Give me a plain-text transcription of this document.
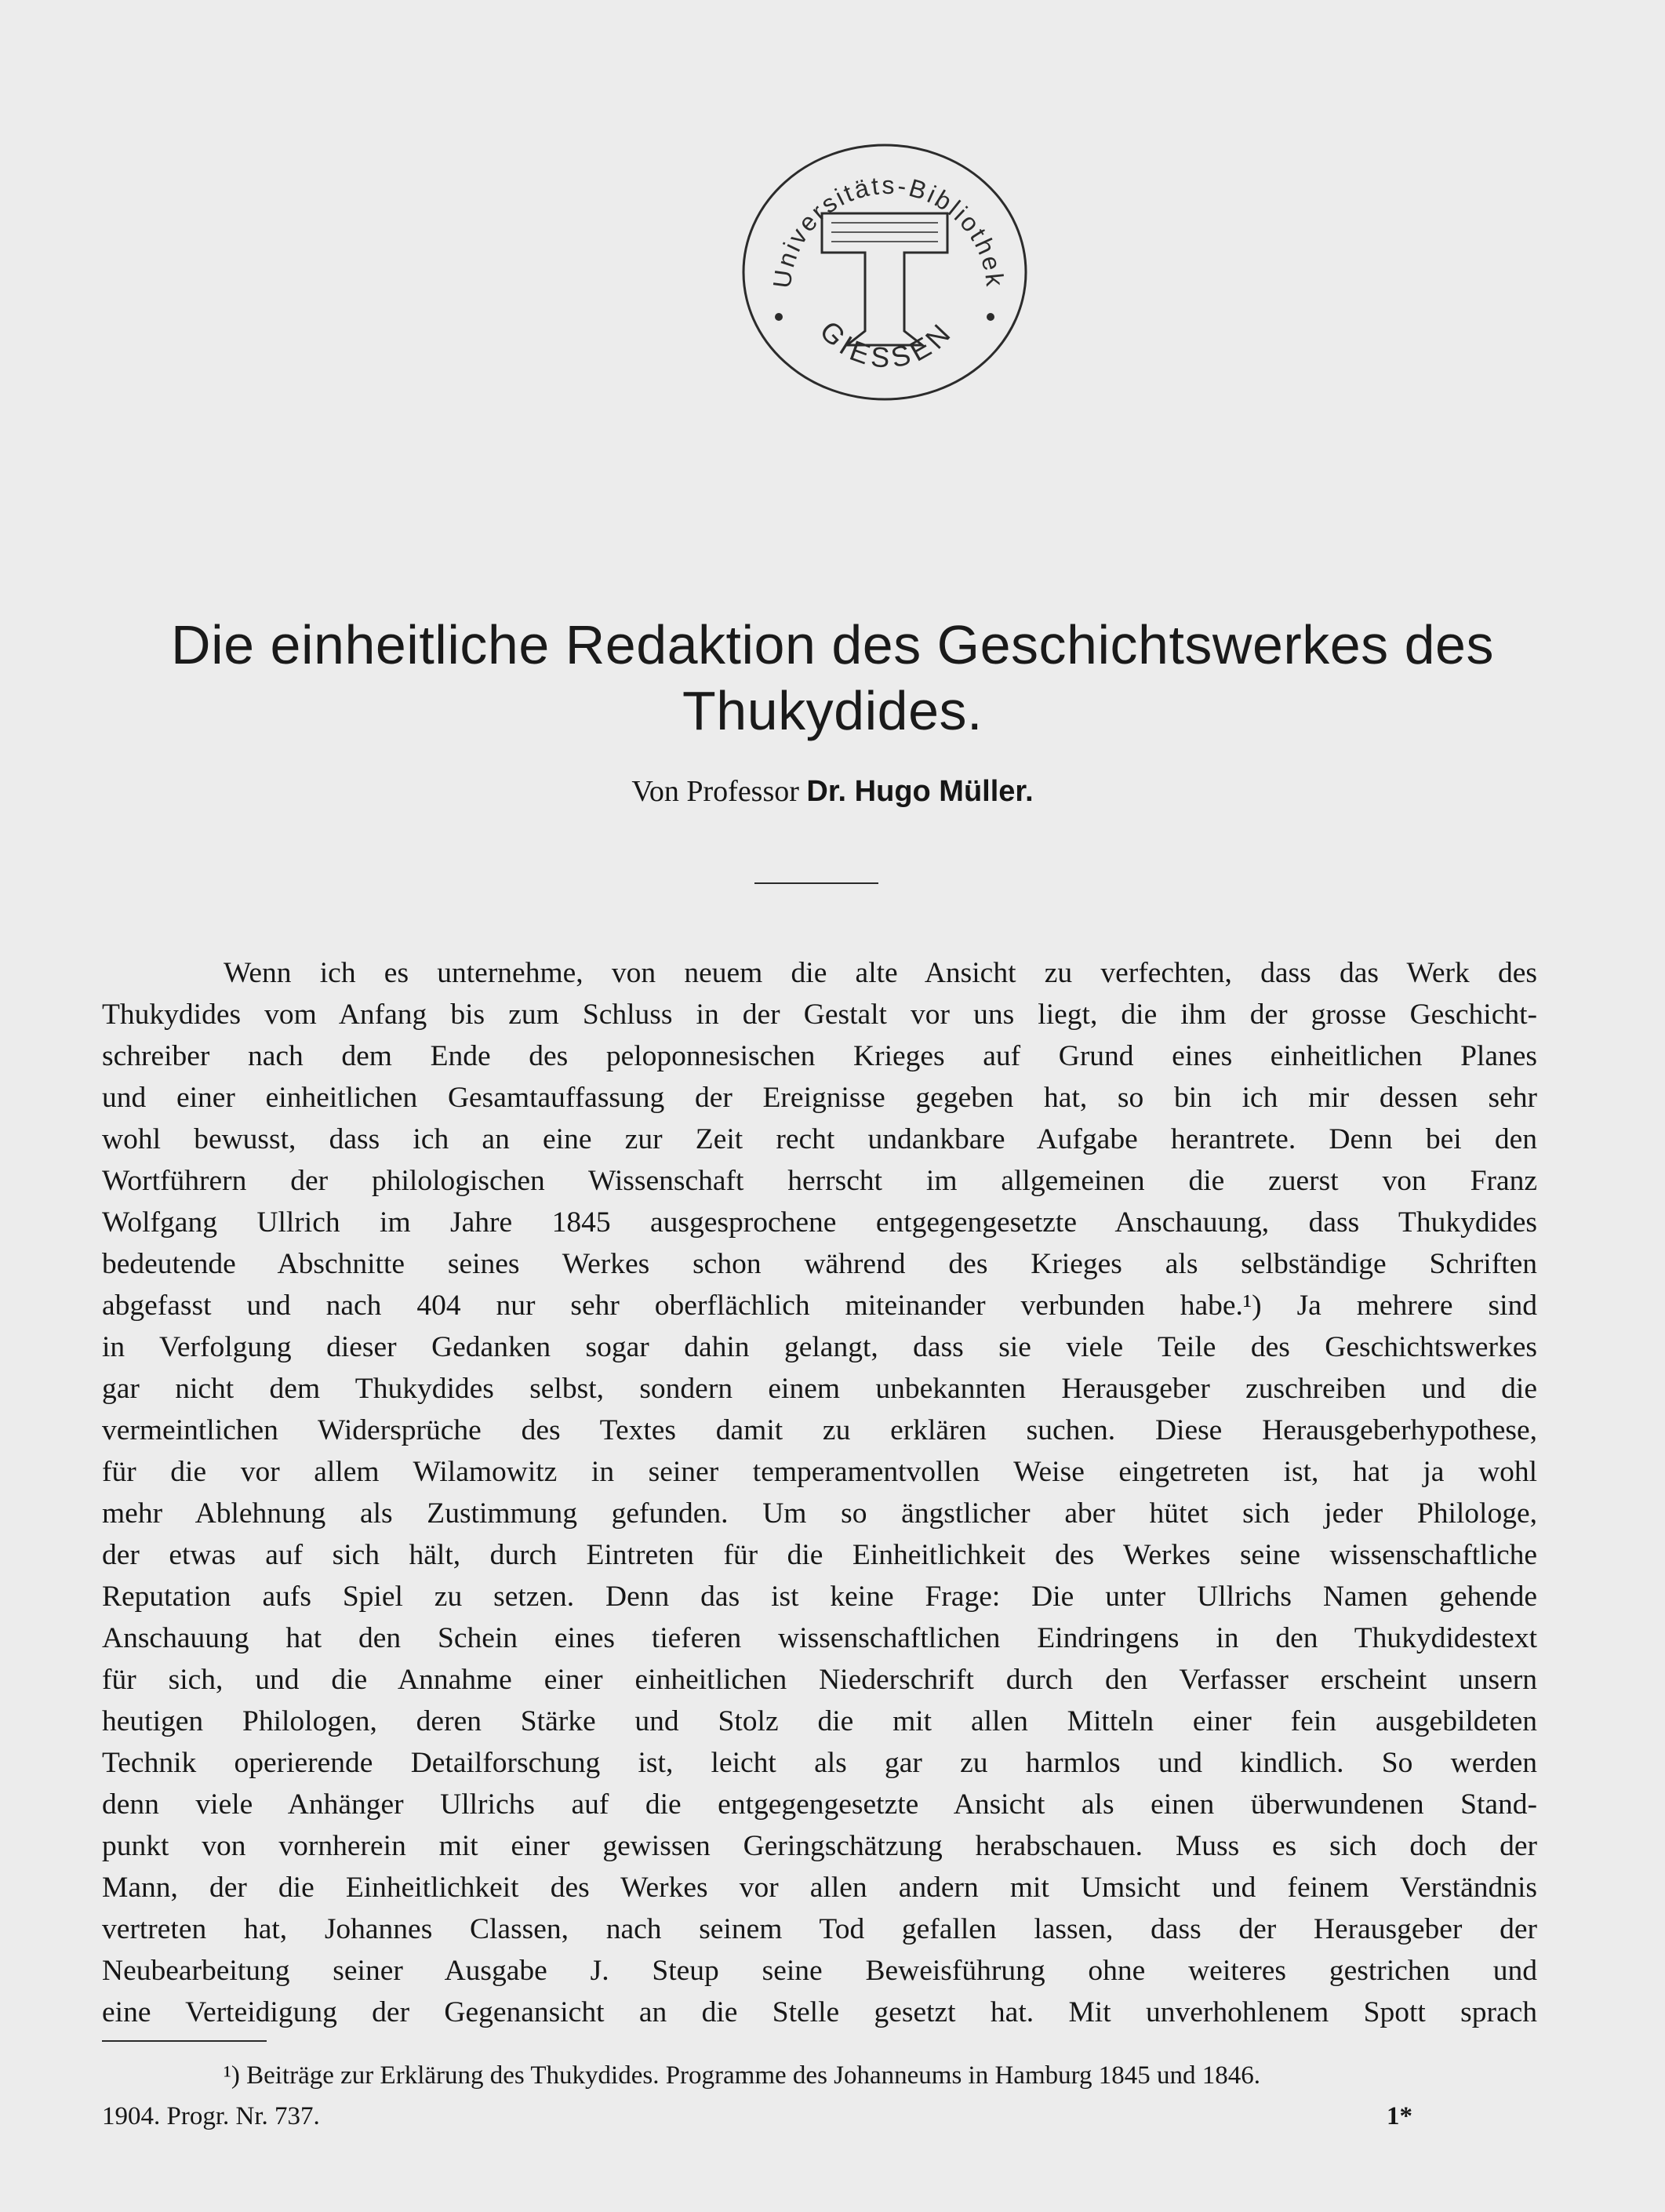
Universitäts-Bibliothek
GIESSEN
Die einheitliche Redaktion des Geschichtswerkes des
Thukydides.
Von Professor Dr. Hugo Müller.
Wenn ich es unternehme, von neuem die alte Ansicht zu verfechten, dass das Werk des
Thukydides vom Anfang bis zum Schluss in der Gestalt vor uns liegt, die ihm der grosse Geschicht-
schreiber nach dem Ende des peloponnesischen Krieges auf Grund eines einheitlichen Planes
und einer einheitlichen Gesamtauffassung der Ereignisse gegeben hat, so bin ich mir dessen sehr
wohl bewusst, dass ich an eine zur Zeit recht undankbare Aufgabe herantrete. Denn bei den
Wortführern der philologischen Wissenschaft herrscht im allgemeinen die zuerst von Franz
Wolfgang Ullrich im Jahre 1845 ausgesprochene entgegengesetzte Anschauung, dass Thukydides
bedeutende Abschnitte seines Werkes schon während des Krieges als selbständige Schriften
abgefasst und nach 404 nur sehr oberflächlich miteinander verbunden habe.¹) Ja mehrere sind
in Verfolgung dieser Gedanken sogar dahin gelangt, dass sie viele Teile des Geschichtswerkes
gar nicht dem Thukydides selbst, sondern einem unbekannten Herausgeber zuschreiben und die
vermeintlichen Widersprüche des Textes damit zu erklären suchen. Diese Herausgeberhypothese,
für die vor allem Wilamowitz in seiner temperamentvollen Weise eingetreten ist, hat ja wohl
mehr Ablehnung als Zustimmung gefunden. Um so ängstlicher aber hütet sich jeder Philologe,
der etwas auf sich hält, durch Eintreten für die Einheitlichkeit des Werkes seine wissenschaftliche
Reputation aufs Spiel zu setzen. Denn das ist keine Frage: Die unter Ullrichs Namen gehende
Anschauung hat den Schein eines tieferen wissenschaftlichen Eindringens in den Thukydidestext
für sich, und die Annahme einer einheitlichen Niederschrift durch den Verfasser erscheint unsern
heutigen Philologen, deren Stärke und Stolz die mit allen Mitteln einer fein ausgebildeten
Technik operierende Detailforschung ist, leicht als gar zu harmlos und kindlich. So werden
denn viele Anhänger Ullrichs auf die entgegengesetzte Ansicht als einen überwundenen Stand-
punkt von vornherein mit einer gewissen Geringschätzung herabschauen. Muss es sich doch der
Mann, der die Einheitlichkeit des Werkes vor allen andern mit Umsicht und feinem Verständnis
vertreten hat, Johannes Classen, nach seinem Tod gefallen lassen, dass der Herausgeber der
Neubearbeitung seiner Ausgabe J. Steup seine Beweisführung ohne weiteres gestrichen und
eine Verteidigung der Gegenansicht an die Stelle gesetzt hat. Mit unverhohlenem Spott sprach
¹) Beiträge zur Erklärung des Thukydides. Programme des Johanneums in Hamburg 1845 und 1846.
1904. Progr. Nr. 737.	1*
